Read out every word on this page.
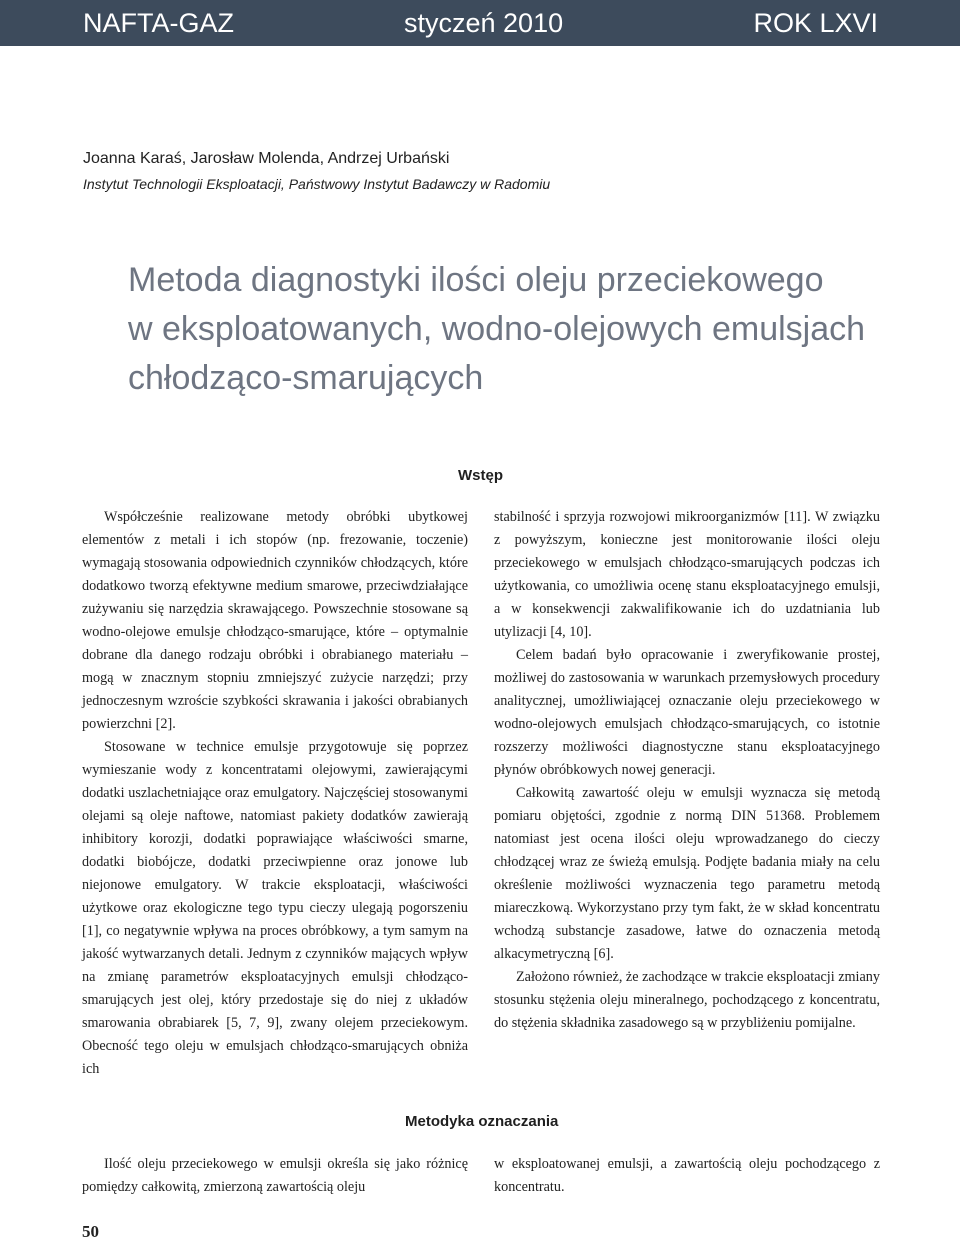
NAFTA-GAZ	styczeń 2010	ROK LXVI
Joanna Karaś, Jarosław Molenda, Andrzej Urbański
Instytut Technologii Eksploatacji, Państwowy Instytut Badawczy w Radomiu
Metoda diagnostyki ilości oleju przeciekowego
w eksploatowanych, wodno-olejowych emulsjach
chłodząco-smarujących
Wstęp

Współcześnie realizowane metody obróbki ubytkowej elementów z metali i ich stopów (np. frezowanie, toczenie) wymagają stosowania odpowiednich czynników chłodzących, które dodatkowo tworzą efektywne medium smarowe, przeciwdziałające zużywaniu się narzędzia skrawającego. Powszechnie stosowane są wodno-olejowe emulsje chłodząco-smarujące, które – optymalnie dobrane dla danego rodzaju obróbki i obrabianego materiału – mogą w znacznym stopniu zmniejszyć zużycie narzędzi; przy jednoczesnym wzroście szybkości skrawania i jakości obrabianych powierzchni [2].

Stosowane w technice emulsje przygotowuje się poprzez wymieszanie wody z koncentratami olejowymi, zawierającymi dodatki uszlachetniające oraz emulgatory. Najczęściej stosowanymi olejami są oleje naftowe, natomiast pakiety dodatków zawierają inhibitory korozji, dodatki poprawiające właściwości smarne, dodatki biobójcze, dodatki przeciwpienne oraz jonowe lub niejonowe emulgatory. W trakcie eksploatacji, właściwości użytkowe oraz ekologiczne tego typu cieczy ulegają pogorszeniu [1], co negatywnie wpływa na proces obróbkowy, a tym samym na jakość wytwarzanych detali. Jednym z czynników mających wpływ na zmianę parametrów eksploatacyjnych emulsji chłodząco-smarujących jest olej, który przedostaje się do niej z układów smarowania obrabiarek [5, 7, 9], zwany olejem przeciekowym. Obecność tego oleju w emulsjach chłodząco-smarujących obniża ich

stabilność i sprzyja rozwojowi mikroorganizmów [11]. W związku z powyższym, konieczne jest monitorowanie ilości oleju przeciekowego w emulsjach chłodząco-smarujących podczas ich użytkowania, co umożliwia ocenę stanu eksploatacyjnego emulsji, a w konsekwencji zakwalifikowanie ich do uzdatniania lub utylizacji [4, 10].

Celem badań było opracowanie i zweryfikowanie prostej, możliwej do zastosowania w warunkach przemysłowych procedury analitycznej, umożliwiającej oznaczanie oleju przeciekowego w wodno-olejowych emulsjach chłodząco-smarujących, co istotnie rozszerzy możliwości diagnostyczne stanu eksploatacyjnego płynów obróbkowych nowej generacji.

Całkowitą zawartość oleju w emulsji wyznacza się metodą pomiaru objętości, zgodnie z normą DIN 51368. Problemem natomiast jest ocena ilości oleju wprowadzanego do cieczy chłodzącej wraz ze świeżą emulsją. Podjęte badania miały na celu określenie możliwości wyznaczenia tego parametru metodą miareczkową. Wykorzystano przy tym fakt, że w skład koncentratu wchodzą substancje zasadowe, łatwe do oznaczenia metodą alkacymetryczną [6].

Założono również, że zachodzące w trakcie eksploatacji zmiany stosunku stężenia oleju mineralnego, pochodzącego z koncentratu, do stężenia składnika zasadowego są w przybliżeniu pomijalne.

Metodyka oznaczania

Ilość oleju przeciekowego w emulsji określa się jako różnicę pomiędzy całkowitą, zmierzoną zawartością oleju

w eksploatowanej emulsji, a zawartością oleju pochodzącego z koncentratu.

50
